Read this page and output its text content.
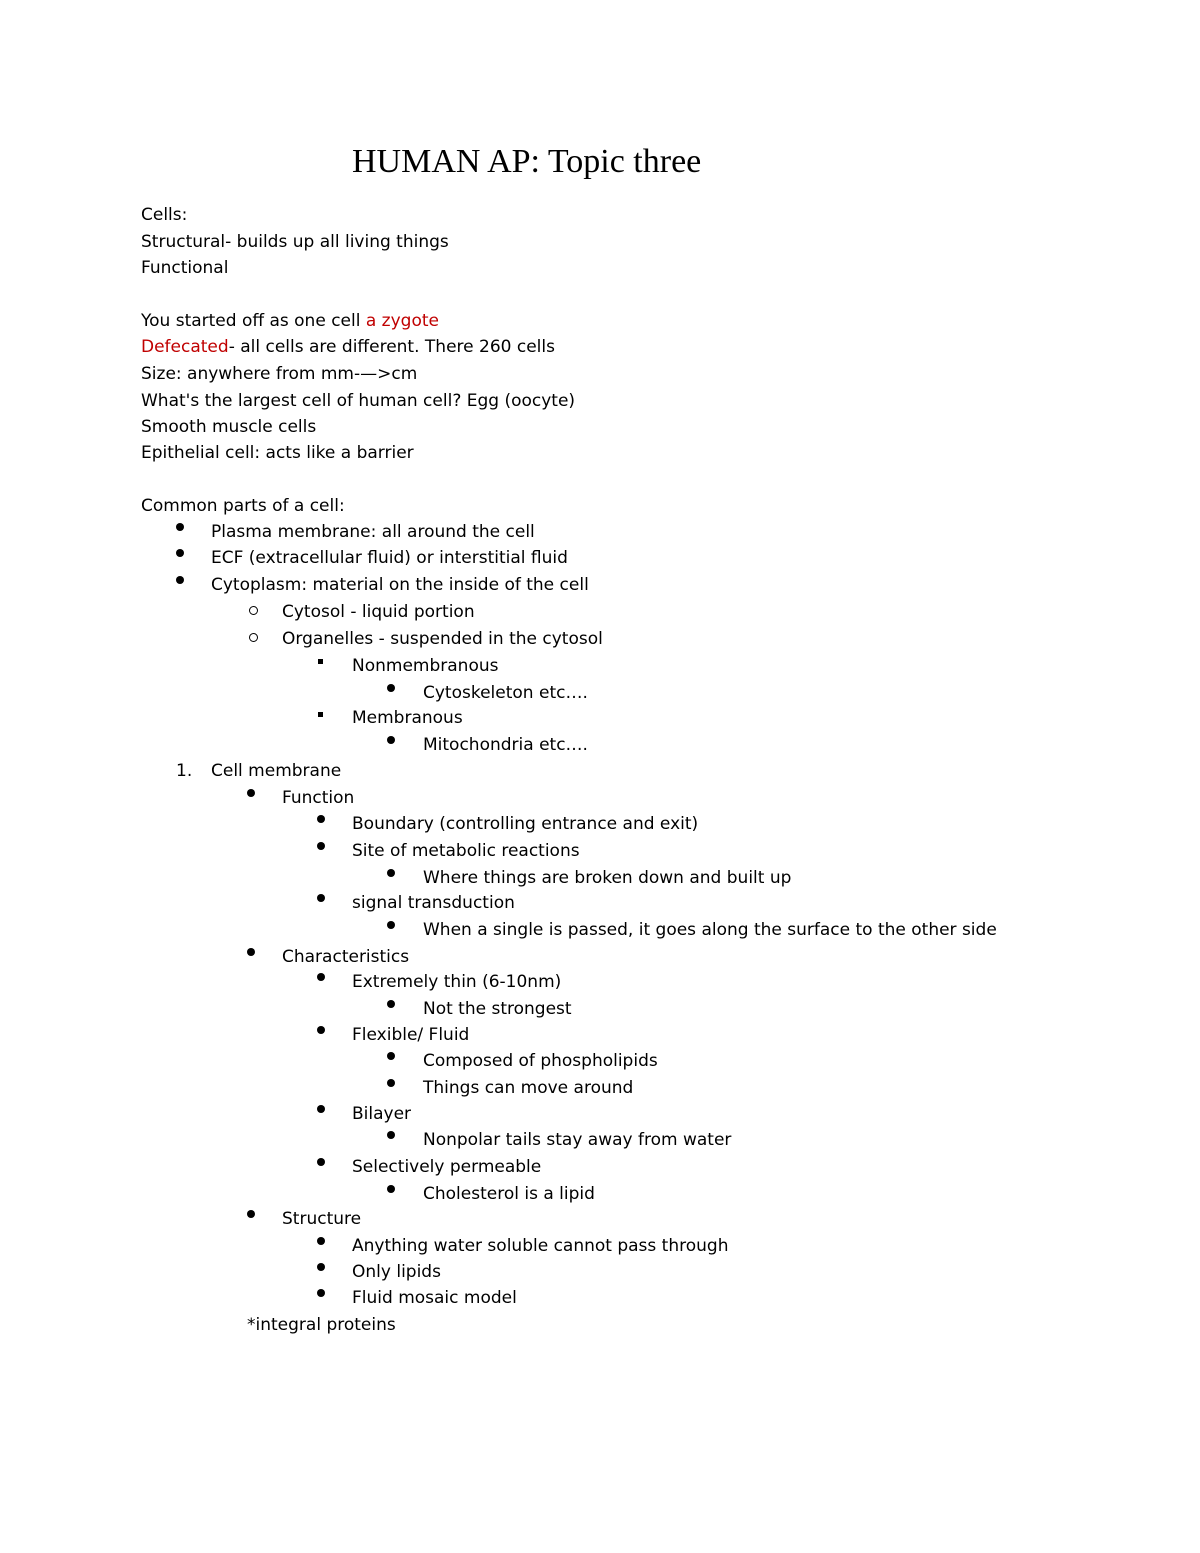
HUMAN AP: Topic three
Cells:
Structural- builds up all living things
Functional
You started off as one cell a zygote
Defecated- all cells are different. There 260 cells
Size: anywhere from mm-—>cm
What's the largest cell of human cell? Egg (oocyte)
Smooth muscle cells
Epithelial cell: acts like a barrier
Common parts of a cell:
Plasma membrane: all around the cell
ECF (extracellular fluid) or interstitial fluid
Cytoplasm: material on the inside of the cell
Cytosol - liquid portion
Organelles - suspended in the cytosol
Nonmembranous
Cytoskeleton etc….
Membranous
Mitochondria etc….
1. Cell membrane
Function
Boundary (controlling entrance and exit)
Site of metabolic reactions
Where things are broken down and built up
signal transduction
When a single is passed, it goes along the surface to the other side
Characteristics
Extremely thin (6-10nm)
Not the strongest
Flexible/ Fluid
Composed of phospholipids
Things can move around
Bilayer
Nonpolar tails stay away from water
Selectively permeable
Cholesterol is a lipid
Structure
Anything water soluble cannot pass through
Only lipids
Fluid mosaic model
*integral proteins
